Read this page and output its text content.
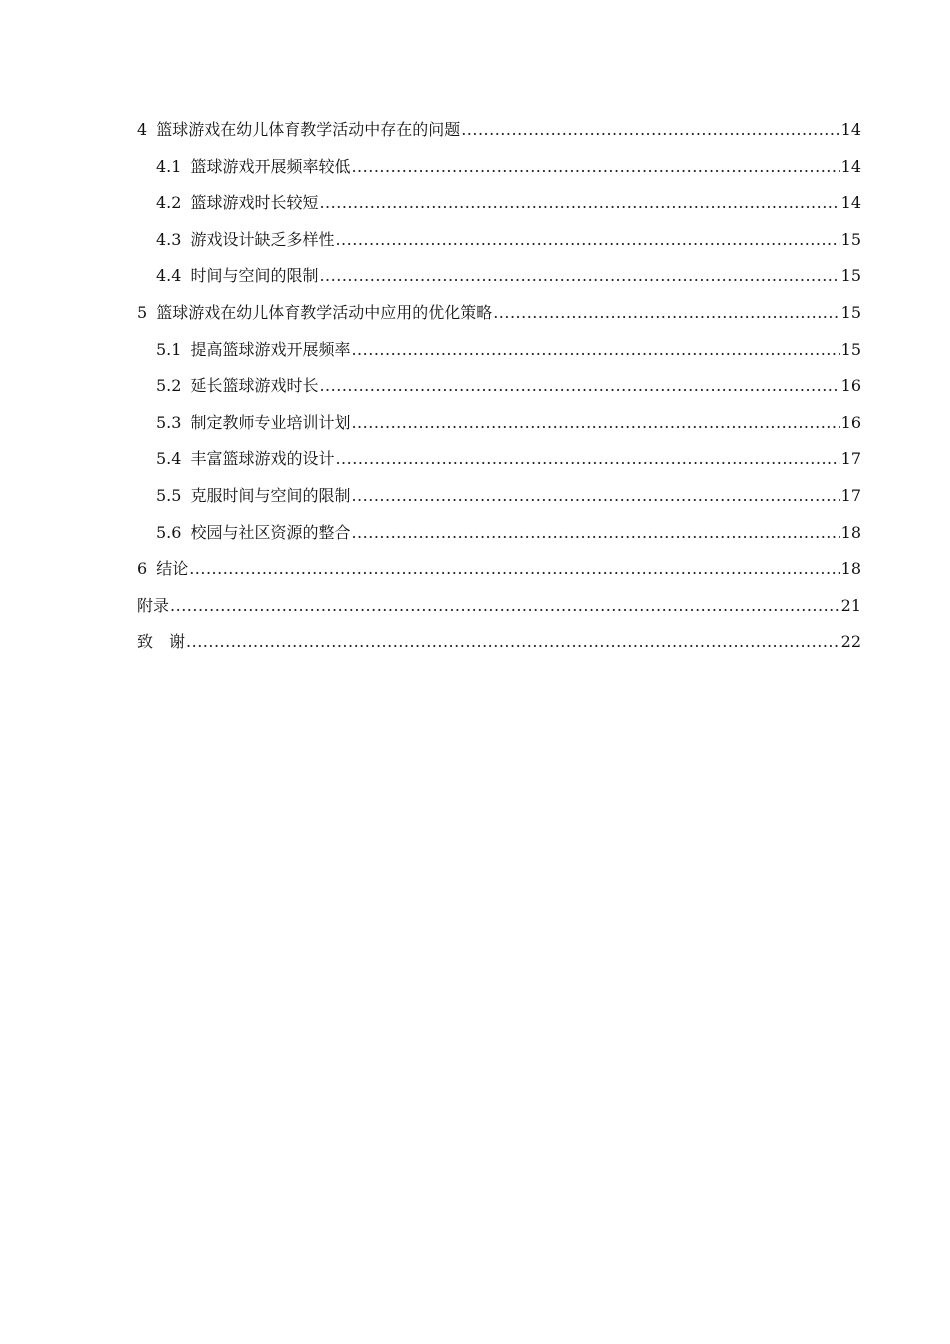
4 篮球游戏在幼儿体育教学活动中存在的问题 .....	14
4.1 篮球游戏开展频率较低 .....	14
4.2 篮球游戏时长较短 .....	14
4.3 游戏设计缺乏多样性 .....	15
4.4 时间与空间的限制 .....	15
5 篮球游戏在幼儿体育教学活动中应用的优化策略 .....	15
5.1 提高篮球游戏开展频率 .....	15
5.2 延长篮球游戏时长 .....	16
5.3 制定教师专业培训计划 .....	16
5.4 丰富篮球游戏的设计 .....	17
5.5 克服时间与空间的限制 .....	17
5.6 校园与社区资源的整合 .....	18
6 结论 .....	18
附录 .....	21
致　谢 .....	22
